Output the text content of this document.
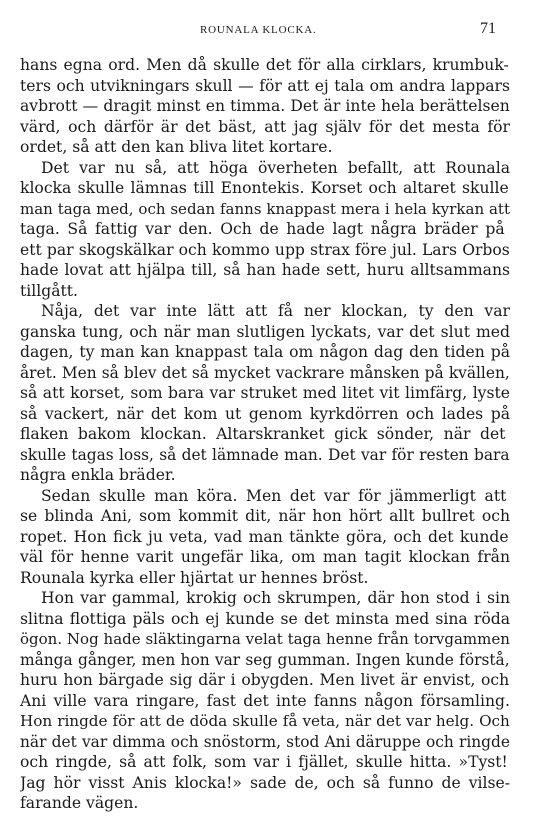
ROUNALA KLOCKA.	71
hans egna ord. Men då skulle det för alla cirklars, krumbuk-
ters och utvikningars skull — för att ej tala om andra lappars
avbrott — dragit minst en timma. Det är inte hela berättelsen
värd, och därför är det bäst, att jag själv för det mesta för
ordet, så att den kan bliva litet kortare.
Det var nu så, att höga överheten befallt, att Rounala
klocka skulle lämnas till Enontekis. Korset och altaret skulle
man taga med, och sedan fanns knappast mera i hela kyrkan att
taga. Så fattig var den. Och de hade lagt några bräder på
ett par skogskälkar och kommo upp strax före jul. Lars Orbos
hade lovat att hjälpa till, så han hade sett, huru alltsammans
tillgått.
Nåja, det var inte lätt att få ner klockan, ty den var
ganska tung, och när man slutligen lyckats, var det slut med
dagen, ty man kan knappast tala om någon dag den tiden på
året. Men så blev det så mycket vackrare månsken på kvällen,
så att korset, som bara var struket med litet vit limfärg, lyste
så vackert, när det kom ut genom kyrkdörren och lades på
flaken bakom klockan. Altarskranket gick sönder, när det
skulle tagas loss, så det lämnade man. Det var för resten bara
några enkla bräder.
Sedan skulle man köra. Men det var för jämmerligt att
se blinda Ani, som kommit dit, när hon hört allt bullret och
ropet. Hon fick ju veta, vad man tänkte göra, och det kunde
väl för henne varit ungefär lika, om man tagit klockan från
Rounala kyrka eller hjärtat ur hennes bröst.
Hon var gammal, krokig och skrumpen, där hon stod i sin
slitna flottiga päls och ej kunde se det minsta med sina röda
ögon. Nog hade släktingarna velat taga henne från torvgammen
många gånger, men hon var seg gumman. Ingen kunde förstå,
huru hon bärgade sig där i obygden. Men livet är envist, och
Ani ville vara ringare, fast det inte fanns någon församling.
Hon ringde för att de döda skulle få veta, när det var helg. Och
när det var dimma och snöstorm, stod Ani däruppe och ringde
och ringde, så att folk, som var i fjället, skulle hitta. »Tyst!
Jag hör visst Anis klocka!» sade de, och så funno de vilse-
farande vägen.
